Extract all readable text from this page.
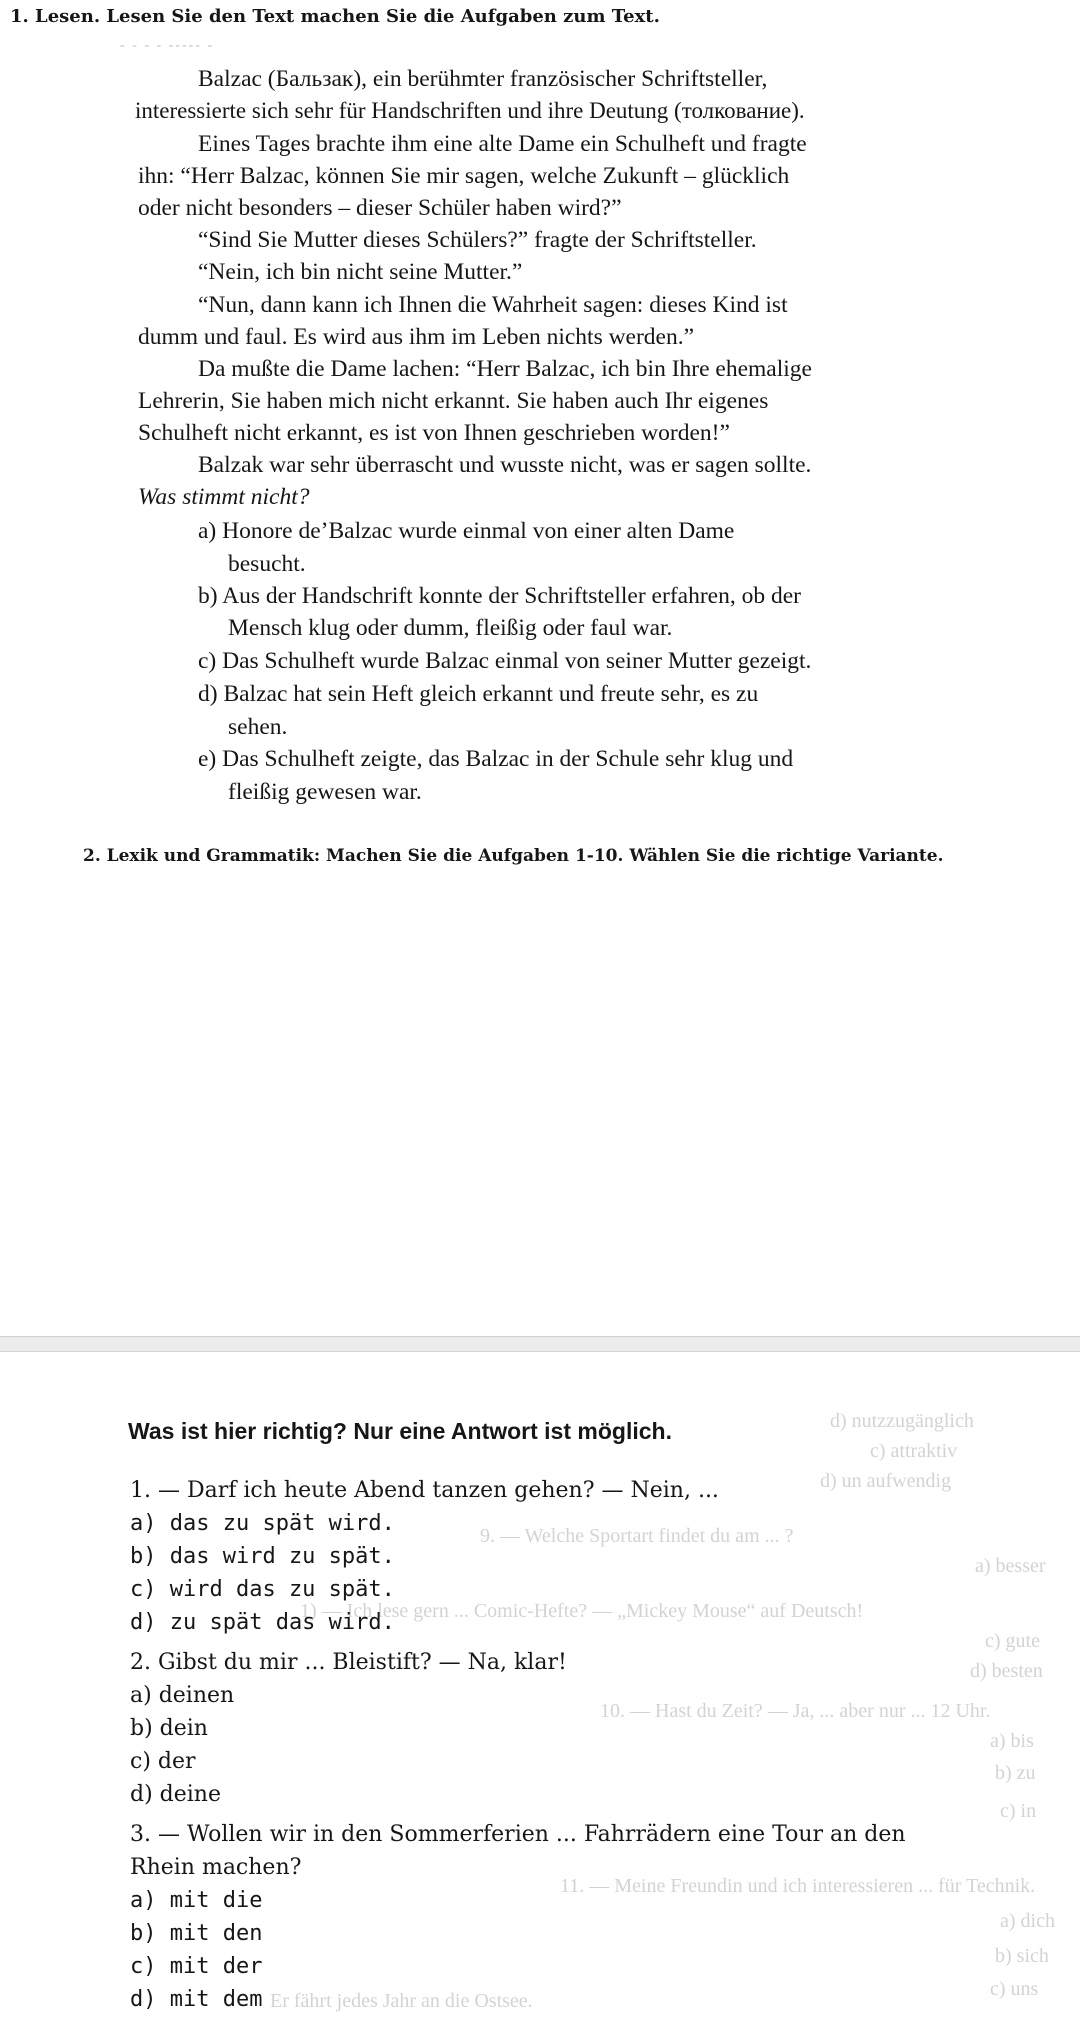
1. Lesen. Lesen Sie den Text machen Sie die Aufgaben zum Text.
‐ ‐ ‐ ‐ ‐‐‐‐‐ ‐
Balzac (Бальзак), ein berühmter französischer Schriftsteller,
interessierte sich sehr für Handschriften und ihre Deutung (толкование).
Eines Tages brachte ihm eine alte Dame ein Schulheft und fragte
ihn: “Herr Balzac, können Sie mir sagen, welche Zukunft – glücklich
oder nicht besonders – dieser Schüler haben wird?”
“Sind Sie Mutter dieses Schülers?” fragte der Schriftsteller.
“Nein, ich bin nicht seine Mutter.”
“Nun, dann kann ich Ihnen die Wahrheit sagen: dieses Kind ist
dumm und faul. Es wird aus ihm im Leben nichts werden.”
Da mußte die Dame lachen: “Herr Balzac, ich bin Ihre ehemalige
Lehrerin, Sie haben mich nicht erkannt. Sie haben auch Ihr eigenes
Schulheft nicht erkannt, es ist von Ihnen geschrieben worden!”
Balzak war sehr überrascht und wusste nicht, was er sagen sollte.
Was stimmt nicht?
a) Honore de’Balzac wurde einmal von einer alten Dame
besucht.
b) Aus der Handschrift konnte der Schriftsteller erfahren, ob der
Mensch klug oder dumm, fleißig oder faul war.
c) Das Schulheft wurde Balzac einmal von seiner Mutter gezeigt.
d) Balzac hat sein Heft gleich erkannt und freute sehr, es zu
sehen.
e) Das Schulheft zeigte, das Balzac in der Schule sehr klug und
fleißig gewesen war.
2. Lexik und Grammatik: Machen Sie die Aufgaben 1-10. Wählen Sie die richtige Variante.
d) nutzzugänglich
c) attraktiv
d) un aufwendig
9. — Welche Sportart findet du am ... ?
a) besser
1) — Ich lese gern ... Comic-Hefte? — „Mickey Mouse“ auf Deutsch!
c) gute
d) besten
10. — Hast du Zeit? — Ja, ... aber nur ... 12 Uhr.
a) bis
b) zu
c) in
11. — Meine Freundin und ich interessieren ... für Technik.
a) dich
b) sich
c) uns
Er fährt jedes Jahr an die Ostsee.
Was ist hier richtig? Nur eine Antwort ist möglich.
1. — Darf ich heute Abend tanzen gehen? — Nein, ...
a) das zu spät wird.
b) das wird zu spät.
c) wird das zu spät.
d) zu spät das wird.
2. Gibst du mir ... Bleistift? — Na, klar!
a) deinen
b) dein
c) der
d) deine
3. — Wollen wir in den Sommerferien ... Fahrrädern eine Tour an den
Rhein machen?
a) mit die
b) mit den
c) mit der
d) mit dem
